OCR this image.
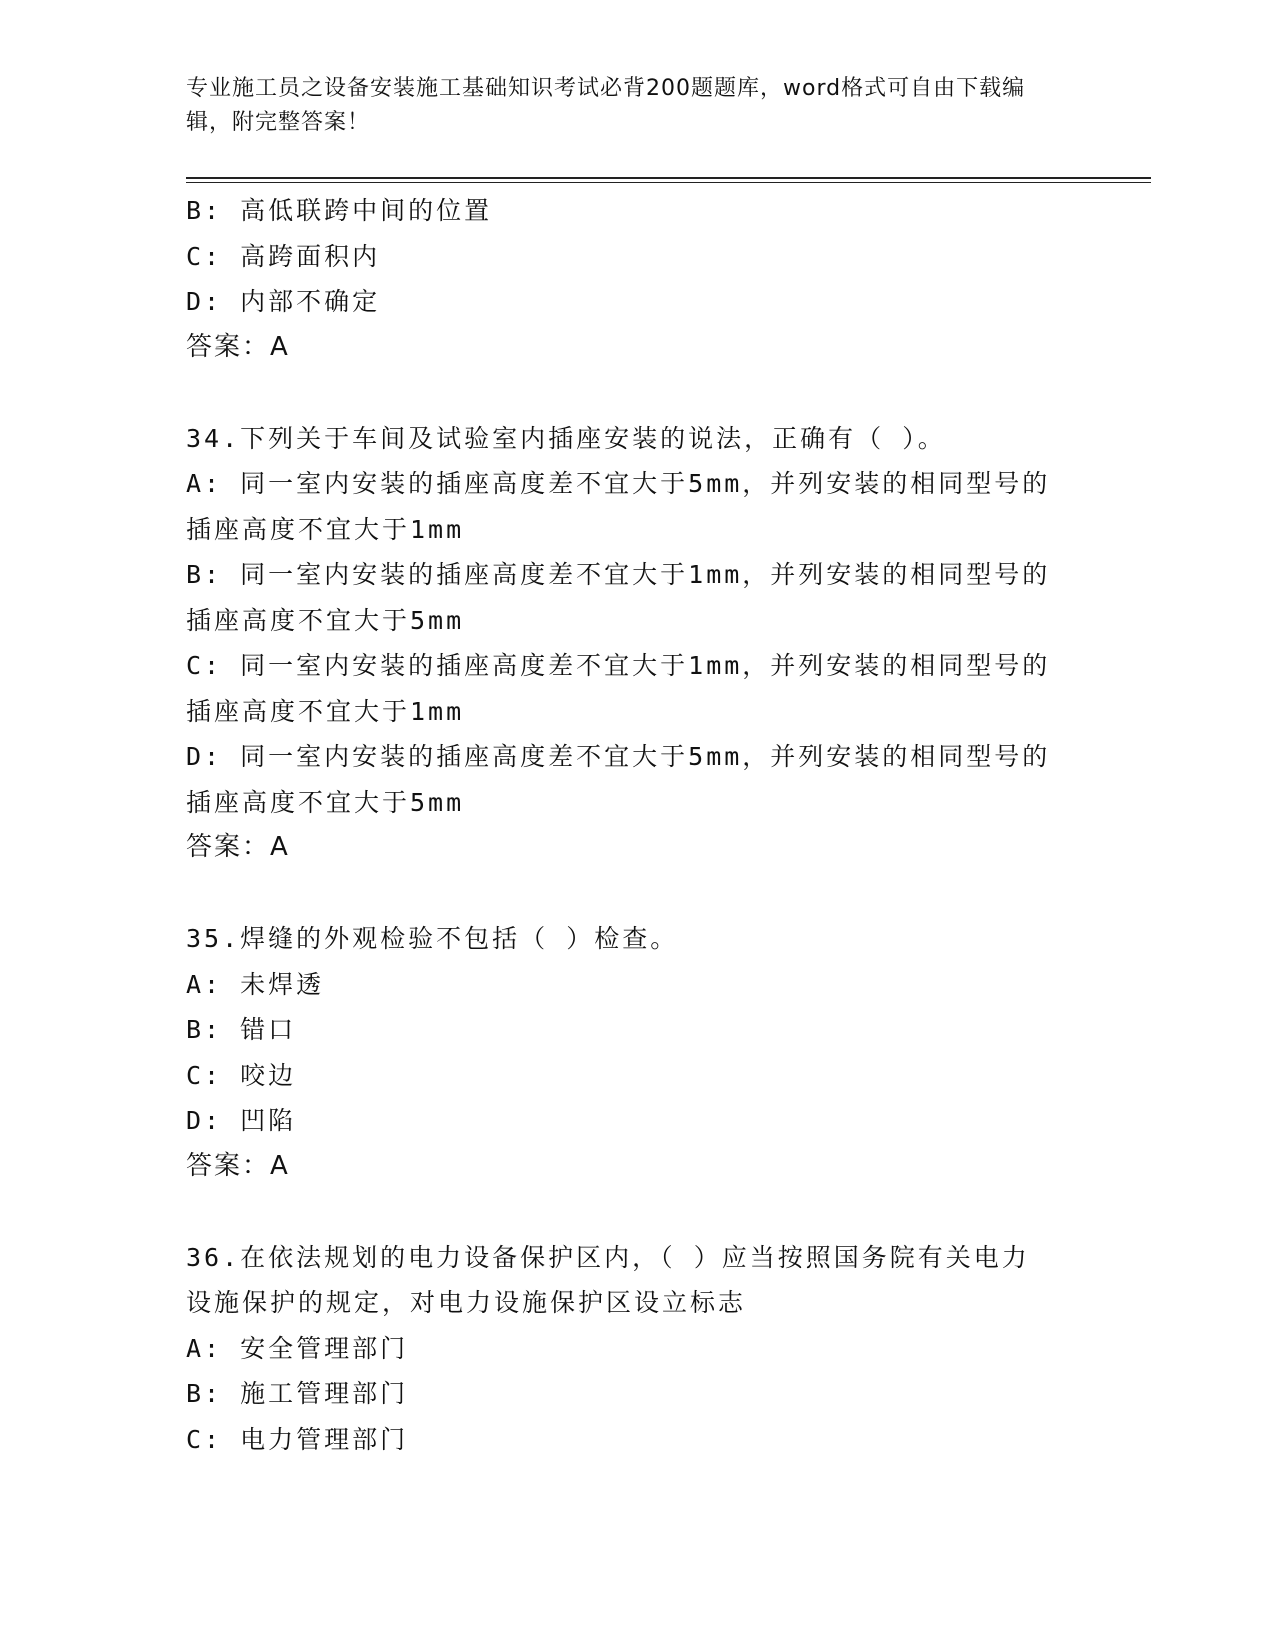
专业施工员之设备安装施工基础知识考试必背200题题库，word格式可自由下载编辑，附完整答案！
B: 高低联跨中间的位置
C: 高跨面积内
D: 内部不确定
答案：A
34.下列关于车间及试验室内插座安装的说法，正确有（ ）。
A: 同一室内安装的插座高度差不宜大于5mm，并列安装的相同型号的
插座高度不宜大于1mm
B: 同一室内安装的插座高度差不宜大于1mm，并列安装的相同型号的
插座高度不宜大于5mm
C: 同一室内安装的插座高度差不宜大于1mm，并列安装的相同型号的
插座高度不宜大于1mm
D: 同一室内安装的插座高度差不宜大于5mm，并列安装的相同型号的
插座高度不宜大于5mm
答案：A
35.焊缝的外观检验不包括（ ）检查。
A: 未焊透
B: 错口
C: 咬边
D: 凹陷
答案：A
36.在依法规划的电力设备保护区内，（ ）应当按照国务院有关电力
设施保护的规定，对电力设施保护区设立标志
A: 安全管理部门
B: 施工管理部门
C: 电力管理部门
